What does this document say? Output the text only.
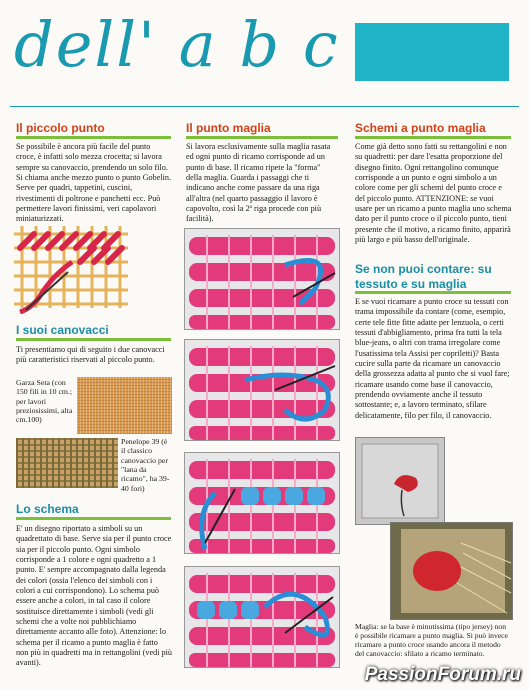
dell' a b c
Il piccolo punto
Se possibile è ancora più facile del punto croce, è infatti solo mezza crocetta; si lavora sempre su canovaccio, prendendo un solo filo. Si chiama anche mezzo punto o punto Gobelin. Serve per quadri, tappetini, cuscini, rivestimenti di poltrone e panchetti ecc. Può permettere lavori finissimi, veri capolavori miniaturizzati.
I suoi canovacci
Ti presentiamo qui di seguito i due canovacci più caratteristici riservati al piccolo punto.
Garza Seta (con 150 fili in 10 cm.; per lavori preziosissimi, alta cm.100)
Penelope 39 (è il classico canovaccio per "lana da ricamo", ha 39-40 fori)
Lo schema
E' un disegno riportato a simboli su un quadrettato di base. Serve sia per il punto croce sia per il piccolo punto. Ogni simbolo corrisponde a 1 colore e ogni quadretto a 1 punto. E' sempre accompagnato dalla legenda dei colori (ossia l'elenco dei simboli con i colori a cui corrispondono). Lo schema può essere anche a colori, in tal caso il colore sostituisce direttamente i simboli (vedi gli schemi che a volte noi pubblichiamo direttamente accanto alle foto). Attenzione: lo schema per il ricamo a punto maglia è fatto non più in quadretti ma in rettangolini (vedi più avanti).
Il punto maglia
Si lavora esclusivamente sulla maglia rasata ed ogni punto di ricamo corrisponde ad un punto di base. Il ricamo ripete la "forma" della maglia. Guarda i passaggi che ti indicano anche come passare da una riga all'altra (nel quarto passaggio il lavoro è capovolto, così la 2ª riga procede con più facilità).
Schemi a punto maglia
Come già detto sono fatti su rettangolini e non su quadretti: per dare l'esatta proporzione del disegno finito. Ogni rettangolino comunque corrisponde a un punto e ogni simbolo a un colore come per gli schemi del punto croce e del piccolo punto. ATTENZIONE: se vuoi usare per un ricamo a punto maglia uno schema dato per il punto croce o il piccolo punto, tieni presente che il motivo, a ricamo finito, apparirà più largo e più basso dell'originale.
Se non puoi contare: su tessuto e su maglia
E se vuoi ricamare a punto croce su tessuti con trama impossibile da contare (come, esempio, certe tele fitte fitte adatte per lenzuola, o certi tessuti d'abbigliamento, prima fra tutti la tela blue-jeans, o altri con trama irregolare come l'usatissima tela Assisi per copriletti)? Basta cucire sulla parte da ricamare un canovaccio della grossezza adatta al punto che si vuol fare; ricamare usando come base il canovaccio, prendendo ovviamente anche il tessuto sottostante; e, a lavoro terminato, sfilare delicatamente, filo per filo, il canovaccio.
Maglia: se la base è minutissima (tipo jersey) non è possibile ricamare a punto maglia. Si può invece ricamare a punto croce usando ancora il metodo del canovaccio: sfilato a ricamo terminato.
PassionForum.ru
